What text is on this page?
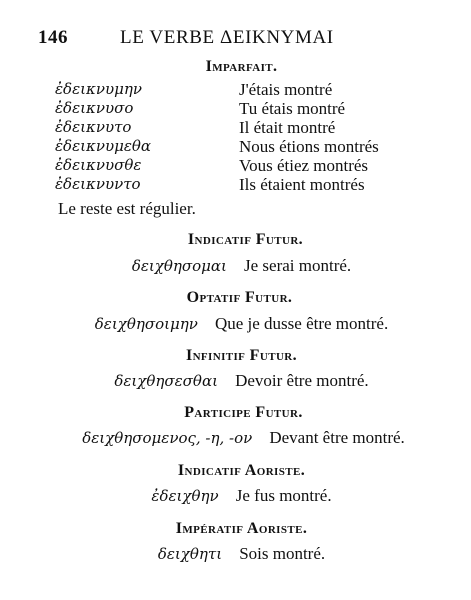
146	LE VERBE ΔΕΙΚΝΥΜΑΙ
Imparfait.
ἐδεικνυμην	J'étais montré
ἐδεικνυσο	Tu étais montré
ἐδεικνυτο	Il était montré
ἐδεικνυμεθα	Nous étions montrés
ἐδεικνυσθε	Vous étiez montrés
ἐδεικνυντο	Ils étaient montrés
Le reste est régulier.
Indicatif Futur.
δειχθησομαι Je serai montré.
Optatif Futur.
δειχθησοιμην Que je dusse être montré.
Infinitif Futur.
δειχθησεσθαι Devoir être montré.
Participe Futur.
δειχθησομενος, -η, -ον Devant être montré.
Indicatif Aoriste.
ἐδειχθην Je fus montré.
Impératif Aoriste.
δειχθητι Sois montré.
